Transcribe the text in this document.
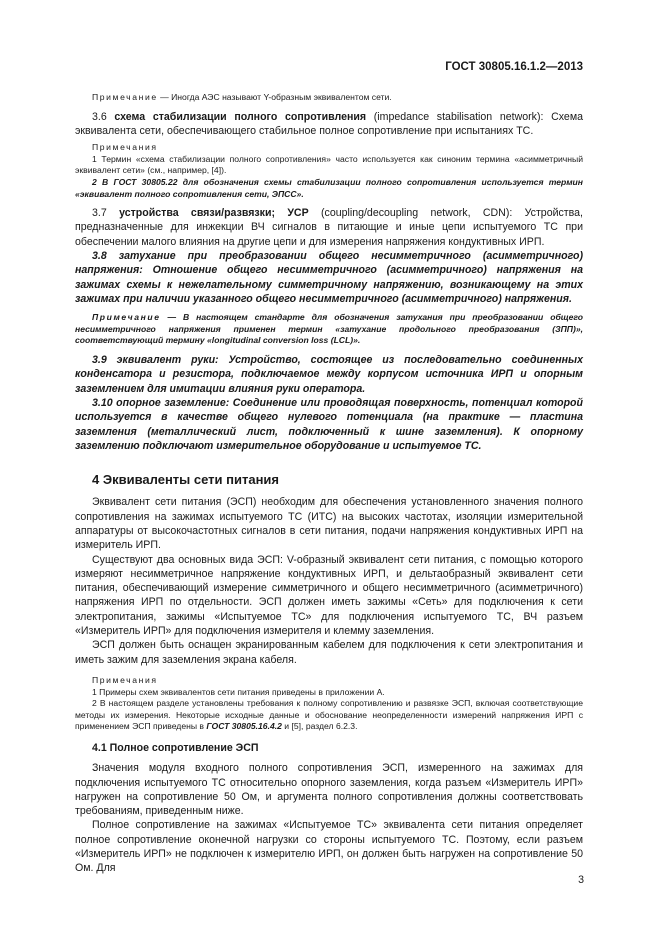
ГОСТ 30805.16.1.2—2013

Примечание — Иногда АЭС называют Y-образным эквивалентом сети.

3.6 схема стабилизации полного сопротивления (impedance stabilisation network): Схема эквивалента сети, обеспечивающего стабильное полное сопротивление при испытаниях ТС.

Примечания

1 Термин «схема стабилизации полного сопротивления» часто используется как синоним термина «асимметричный эквивалент сети» (см., например, [4]).

2 В ГОСТ 30805.22 для обозначения схемы стабилизации полного сопротивления используется термин «эквивалент полного сопротивления сети, ЭПСС».

3.7 устройства связи/развязки; УСР (coupling/decoupling network, CDN): Устройства, предназначенные для инжекции ВЧ сигналов в питающие и иные цепи испытуемого ТС при обеспечении малого влияния на другие цепи и для измерения напряжения кондуктивных ИРП.

3.8 затухание при преобразовании общего несимметричного (асимметричного) напряжения: Отношение общего несимметричного (асимметричного) напряжения на зажимах схемы к нежелательному симметричному напряжению, возникающему на этих зажимах при наличии указанного общего несимметричного (асимметричного) напряжения.

Примечание — В настоящем стандарте для обозначения затухания при преобразовании общего несимметричного напряжения применен термин «затухание продольного преобразования (ЗПП)», соответствующий термину «longitudinal conversion loss (LCL)».

3.9 эквивалент руки: Устройство, состоящее из последовательно соединенных конденсатора и резистора, подключаемое между корпусом источника ИРП и опорным заземлением для имитации влияния руки оператора.

3.10 опорное заземление: Соединение или проводящая поверхность, потенциал которой используется в качестве общего нулевого потенциала (на практике — пластина заземления (металлический лист, подключенный к шине заземления). К опорному заземлению подключают измерительное оборудование и испытуемое ТС.

4 Эквиваленты сети питания

Эквивалент сети питания (ЭСП) необходим для обеспечения установленного значения полного сопротивления на зажимах испытуемого ТС (ИТС) на высоких частотах, изоляции измерительной аппаратуры от высокочастотных сигналов в сети питания, подачи напряжения кондуктивных ИРП на измеритель ИРП.

Существуют два основных вида ЭСП: V-образный эквивалент сети питания, с помощью которого измеряют несимметричное напряжение кондуктивных ИРП, и дельтаобразный эквивалент сети питания, обеспечивающий измерение симметричного и общего несимметричного (асимметричного) напряжения ИРП по отдельности. ЭСП должен иметь зажимы «Сеть» для подключения к сети электропитания, зажимы «Испытуемое ТС» для подключения испытуемого ТС, ВЧ разъем «Измеритель ИРП» для подключения измерителя и клемму заземления.

ЭСП должен быть оснащен экранированным кабелем для подключения к сети электропитания и иметь зажим для заземления экрана кабеля.

Примечания

1 Примеры схем эквивалентов сети питания приведены в приложении А.

2 В настоящем разделе установлены требования к полному сопротивлению и развязке ЭСП, включая соответствующие методы их измерения. Некоторые исходные данные и обоснование неопределенности измерений напряжения ИРП с применением ЭСП приведены в ГОСТ 30805.16.4.2 и [5], раздел 6.2.3.

4.1 Полное сопротивление ЭСП

Значения модуля входного полного сопротивления ЭСП, измеренного на зажимах для подключения испытуемого ТС относительно опорного заземления, когда разъем «Измеритель ИРП» нагружен на сопротивление 50 Ом, и аргумента полного сопротивления должны соответствовать требованиям, приведенным ниже.

Полное сопротивление на зажимах «Испытуемое ТС» эквивалента сети питания определяет полное сопротивление оконечной нагрузки со стороны испытуемого ТС. Поэтому, если разъем «Измеритель ИРП» не подключен к измерителю ИРП, он должен быть нагружен на сопротивление 50 Ом. Для

3
